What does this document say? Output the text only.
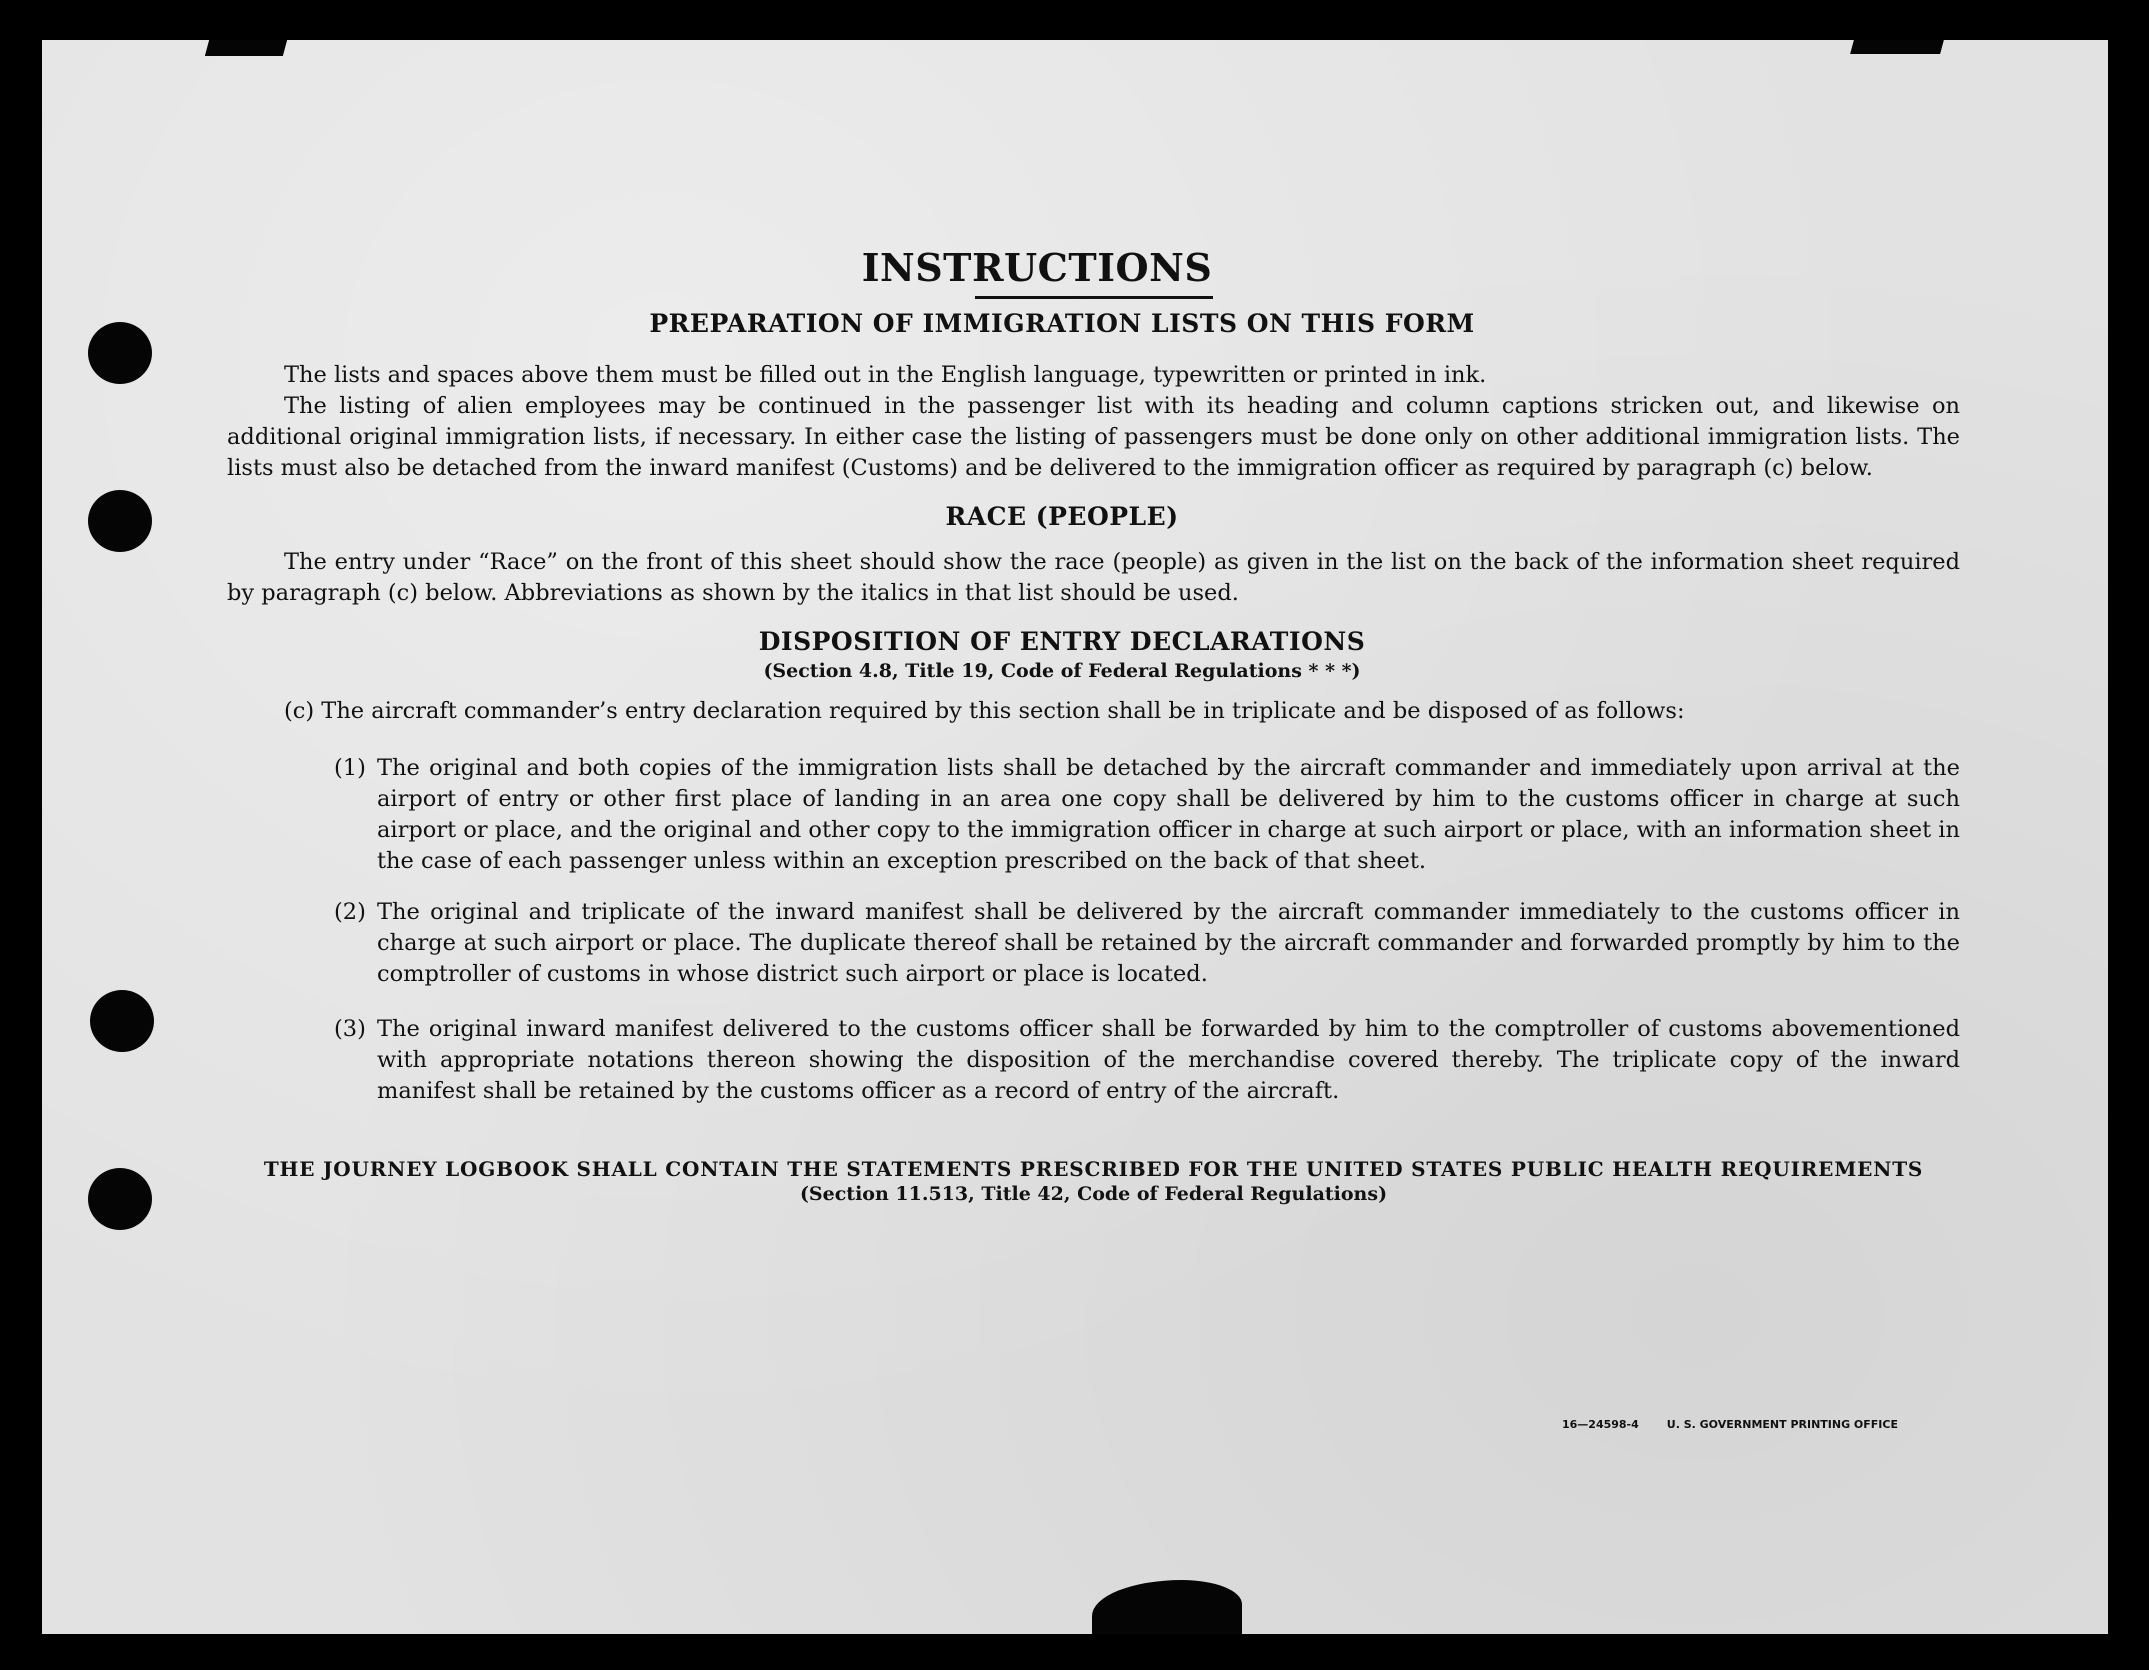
16—24598-4	U. S. GOVERNMENT PRINTING OFFICE
INSTRUCTIONS
PREPARATION OF IMMIGRATION LISTS ON THIS FORM

The lists and spaces above them must be filled out in the English language, typewritten or printed in ink.

The listing of alien employees may be continued in the passenger list with its heading and column captions stricken out, and likewise on additional original immigration lists, if necessary. In either case the listing of passengers must be done only on other additional immigration lists. The lists must also be detached from the inward manifest (Customs) and be delivered to the immigration officer as required by paragraph (c) below.

RACE (PEOPLE)

The entry under “Race” on the front of this sheet should show the race (people) as given in the list on the back of the information sheet required by paragraph (c) below. Abbreviations as shown by the italics in that list should be used.

DISPOSITION OF ENTRY DECLARATIONS
(Section 4.8, Title 19, Code of Federal Regulations * * *)

(c) The aircraft commander’s entry declaration required by this section shall be in triplicate and be disposed of as follows:

(1) The original and both copies of the immigration lists shall be detached by the aircraft commander and immediately upon arrival at the airport of entry or other first place of landing in an area one copy shall be delivered by him to the customs officer in charge at such airport or place, and the original and other copy to the immigration officer in charge at such airport or place, with an information sheet in the case of each passenger unless within an exception prescribed on the back of that sheet.
(2) The original and triplicate of the inward manifest shall be delivered by the aircraft commander immediately to the customs officer in charge at such airport or place. The duplicate thereof shall be retained by the aircraft commander and forwarded promptly by him to the comptroller of customs in whose district such airport or place is located.
(3) The original inward manifest delivered to the customs officer shall be forwarded by him to the comptroller of customs abovementioned with appropriate notations thereon showing the disposition of the merchandise covered thereby. The triplicate copy of the inward manifest shall be retained by the customs officer as a record of entry of the aircraft.
THE JOURNEY LOGBOOK SHALL CONTAIN THE STATEMENTS PRESCRIBED FOR THE UNITED STATES PUBLIC HEALTH REQUIREMENTS
(Section 11.513, Title 42, Code of Federal Regulations)
